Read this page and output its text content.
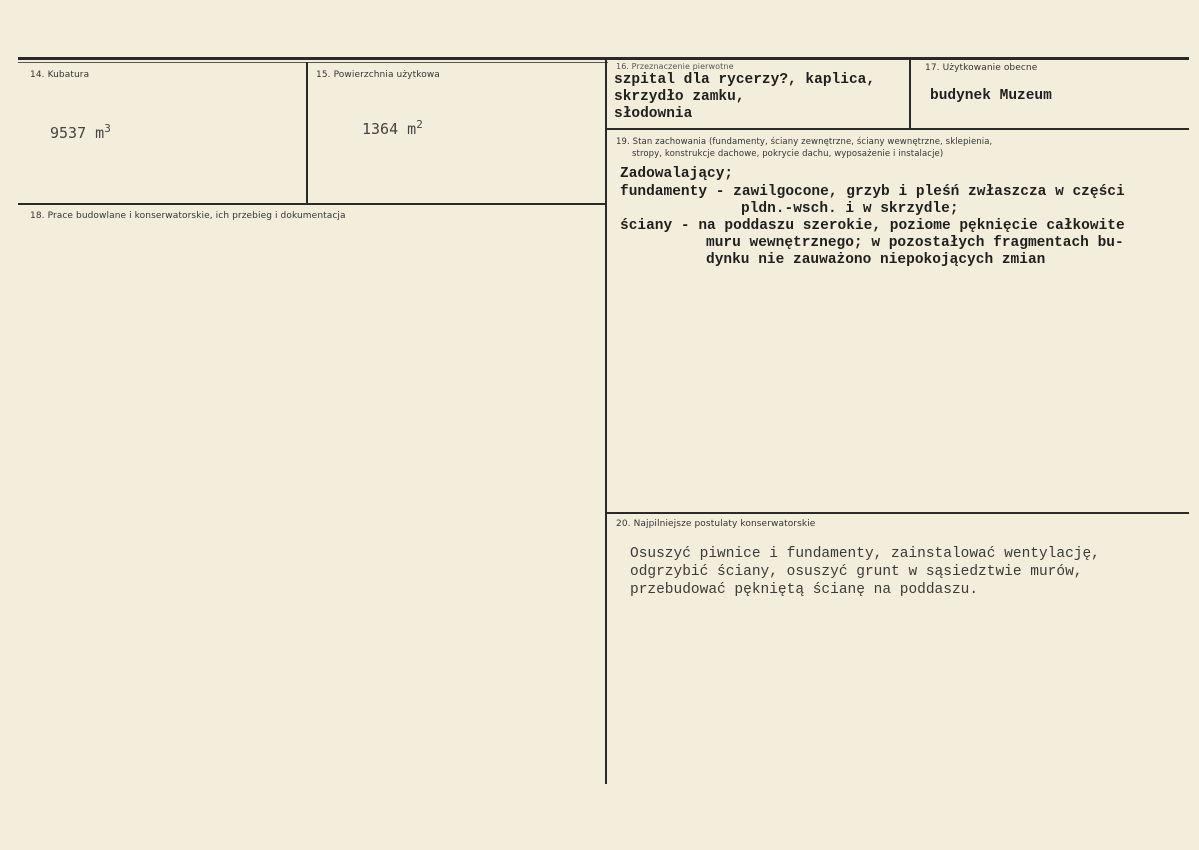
14. Kubatura
9537 $m^3$
15. Powierzchnia użytkowa
1364 $m^2$
16. Przeznaczenie pierwotne
szpital dla rycerzy?, kaplica,
skrzydło zamku,
słodownia
17. Użytkowanie obecne
budynek Muzeum
18. Prace budowlane i konserwatorskie, ich przebieg i dokumentacja
19. Stan zachowania (fundamenty, ściany zewnętrzne, ściany wewnętrzne, sklepienia,
stropy, konstrukcje dachowe, pokrycie dachu, wyposażenie i instalacje)
Zadowalający;
fundamenty - zawilgocone, grzyb i pleśń zwłaszcza w części
pldn.-wsch. i w skrzydle;
ściany - na poddaszu szerokie, poziome pęknięcie całkowite
muru wewnętrznego; w pozostałych fragmentach bu-
dynku nie zauważono niepokojących zmian
20. Najpilniejsze postulaty konserwatorskie
Osuszyć piwnice i fundamenty, zainstalować wentylację,
odgrzybić ściany, osuszyć grunt w sąsiedztwie murów,
przebudować pękniętą ścianę na poddaszu.
